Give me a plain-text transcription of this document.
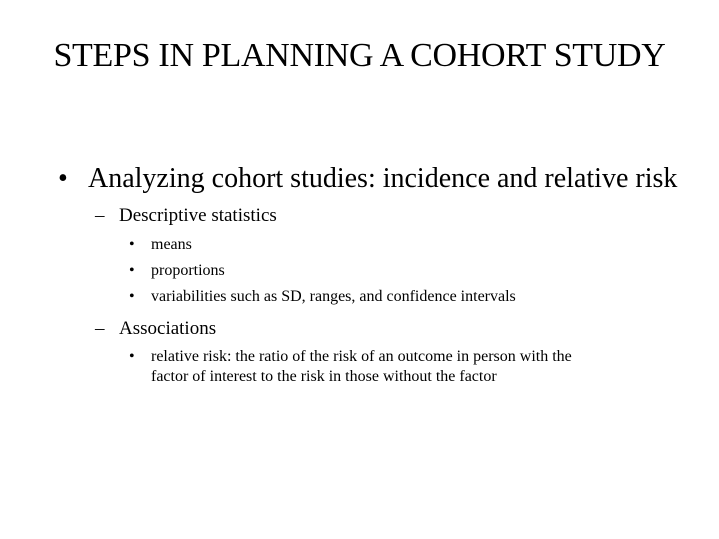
STEPS IN PLANNING A COHORT STUDY
• Analyzing cohort studies: incidence and relative risk
– Descriptive statistics
• means
• proportions
• variabilities such as SD, ranges, and confidence intervals
– Associations
• relative risk: the ratio of the risk of an outcome in person with the factor of interest to the risk in those without the factor
